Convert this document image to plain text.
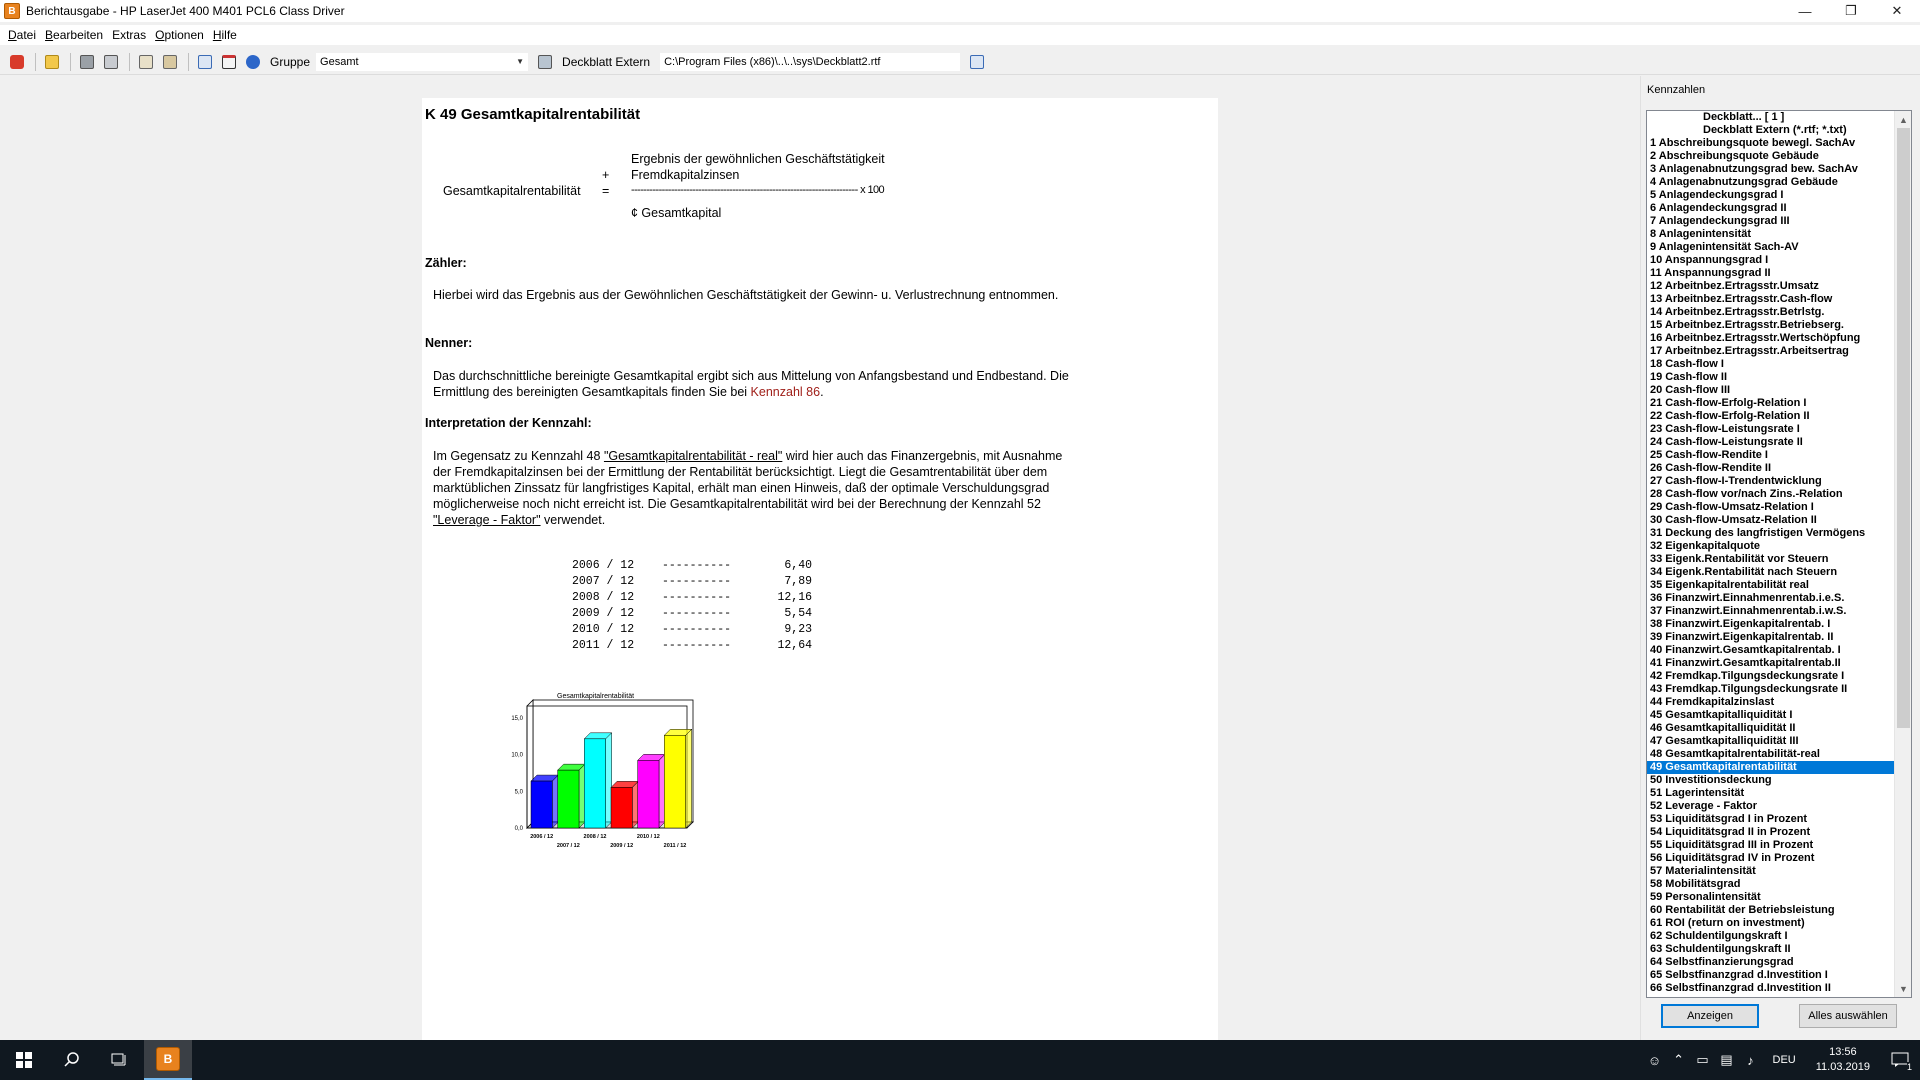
B Berichtausgabe - HP LaserJet 400 M401 PCL6 Class Driver	—	❐	✕
Datei Bearbeiten Extras Optionen Hilfe
Gruppe Gesamt	▼	Deckblatt Extern C:\Program Files (x86)\..\..\sys\Deckblatt2.rtf
K 49 Gesamtkapitalrentabilität
Gesamtkapitalrentabilität
+
=
Ergebnis der gewöhnlichen Geschäftstätigkeit
Fremdkapitalzinsen
-------------------------------------------------------------------------- x 100
¢ Gesamtkapital
Zähler:
Hierbei wird das Ergebnis aus der Gewöhnlichen Geschäftstätigkeit der Gewinn- u. Verlustrechnung entnommen.
Nenner:
Das durchschnittliche bereinigte Gesamtkapital ergibt sich aus Mittelung von Anfangsbestand und Endbestand. Die Ermittlung des bereinigten Gesamtkapitals finden Sie bei Kennzahl 86.
Interpretation der Kennzahl:
Im Gegensatz zu Kennzahl 48 "Gesamtkapitalrentabilität - real" wird hier auch das Finanzergebnis, mit Ausnahme der Fremdkapitalzinsen bei der Ermittlung der Rentabilität berücksichtigt. Liegt die Gesamtrentabilität über dem marktüblichen Zinssatz für langfristiges Kapital, erhält man einen Hinweis, daß der optimale Verschuldungsgrad möglicherweise noch nicht erreicht ist. Die Gesamtkapitalrentabilität wird bei der Berechnung der Kennzahl 52 "Leverage - Faktor" verwendet.
2006 / 12	----------	6,40
2007 / 12	----------	7,89
2008 / 12	----------	12,16
2009 / 12	----------	5,54
2010 / 12	----------	9,23
2011 / 12	----------	12,64
Gesamtkapitalrentabilität
0,0
5,0
10,0
15,0
2006 / 12
2007 / 12
2008 / 12
2009 / 12
2010 / 12
2011 / 12
Kennzahlen
Deckblatt... [ 1 ]
Deckblatt Extern (*.rtf; *.txt)
1 Abschreibungsquote bewegl. SachAv
2 Abschreibungsquote Gebäude
3 Anlagenabnutzungsgrad bew. SachAv
4 Anlagenabnutzungsgrad Gebäude
5 Anlagendeckungsgrad I
6 Anlagendeckungsgrad II
7 Anlagendeckungsgrad III
8 Anlagenintensität
9 Anlagenintensität Sach-AV
10 Anspannungsgrad I
11 Anspannungsgrad II
12 Arbeitnbez.Ertragsstr.Umsatz
13 Arbeitnbez.Ertragsstr.Cash-flow
14 Arbeitnbez.Ertragsstr.Betrlstg.
15 Arbeitnbez.Ertragsstr.Betriebserg.
16 Arbeitnbez.Ertragsstr.Wertschöpfung
17 Arbeitnbez.Ertragsstr.Arbeitsertrag
18 Cash-flow I
19 Cash-flow II
20 Cash-flow III
21 Cash-flow-Erfolg-Relation I
22 Cash-flow-Erfolg-Relation II
23 Cash-flow-Leistungsrate I
24 Cash-flow-Leistungsrate II
25 Cash-flow-Rendite I
26 Cash-flow-Rendite II
27 Cash-flow-I-Trendentwicklung
28 Cash-flow vor/nach Zins.-Relation
29 Cash-flow-Umsatz-Relation I
30 Cash-flow-Umsatz-Relation II
31 Deckung des langfristigen Vermögens
32 Eigenkapitalquote
33 Eigenk.Rentabilität vor Steuern
34 Eigenk.Rentabilität nach Steuern
35 Eigenkapitalrentabilität real
36 Finanzwirt.Einnahmenrentab.i.e.S.
37 Finanzwirt.Einnahmenrentab.i.w.S.
38 Finanzwirt.Eigenkapitalrentab. I
39 Finanzwirt.Eigenkapitalrentab. II
40 Finanzwirt.Gesamtkapitalrentab. I
41 Finanzwirt.Gesamtkapitalrentab.II
42 Fremdkap.Tilgungsdeckungsrate I
43 Fremdkap.Tilgungsdeckungsrate II
44 Fremdkapitalzinslast
45 Gesamtkapitalliquidität I
46 Gesamtkapitalliquidität II
47 Gesamtkapitalliquidität III
48 Gesamtkapitalrentabilität-real
49 Gesamtkapitalrentabilität
50 Investitionsdeckung
51 Lagerintensität
52 Leverage - Faktor
53 Liquiditätsgrad I in Prozent
54 Liquiditätsgrad II in Prozent
55 Liquiditätsgrad III in Prozent
56 Liquiditätsgrad IV in Prozent
57 Materialintensität
58 Mobilitätsgrad
59 Personalintensität
60 Rentabilität der Betriebsleistung
61 ROI (return on investment)
62 Schuldentilgungskraft I
63 Schuldentilgungskraft II
64 Selbstfinanzierungsgrad
65 Selbstfinanzgrad d.Investition I
66 Selbstfinanzgrad d.Investition II
▲
▼
Anzeigen	Alles auswählen
B	☺ ⌃ ▭ ▤	♪	DEU
13:56
11.03.2019	1
